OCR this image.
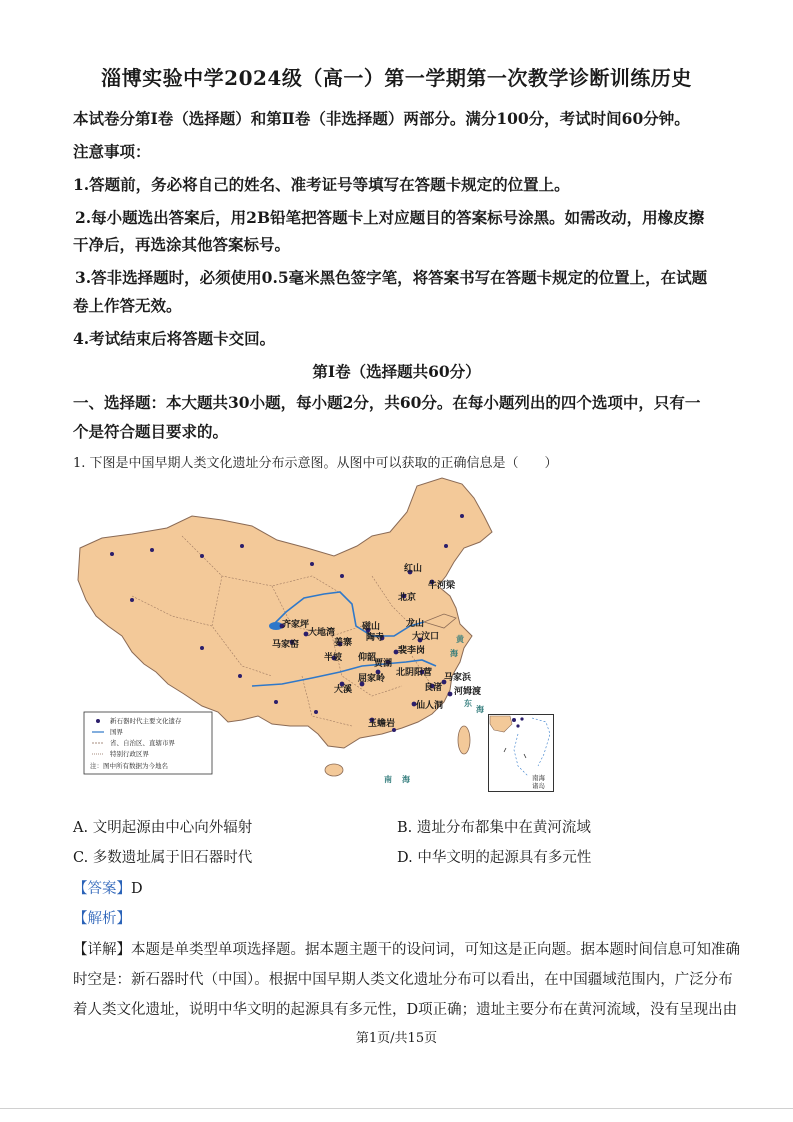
淄博实验中学2024级（高一）第一学期第一次教学诊断训练历史
本试卷分第Ⅰ卷（选择题）和第Ⅱ卷（非选择题）两部分。满分100分，考试时间60分钟。
注意事项：
1.答题前，务必将自己的姓名、准考证号等填写在答题卡规定的位置上。
2.每小题选出答案后，用2B铅笔把答题卡上对应题目的答案标号涂黑。如需改动，用橡皮擦
干净后，再选涂其他答案标号。
3.答非选择题时，必须使用0.5毫米黑色签字笔，将答案书写在答题卡规定的位置上，在试题
卷上作答无效。
4.考试结束后将答题卡交回。
第Ⅰ卷（选择题共60分）
一、选择题：本大题共30小题，每小题2分，共60分。在每小题列出的四个选项中，只有一
个是符合题目要求的。
1. 下图是中国早期人类文化遗址分布示意图。从图中可以获取的正确信息是（　　）
红山
牛河梁
北京
齐家坪
大地湾
马家窑	姜寨
半坡
磁山
陶寺
仰韶
龙山
大汶口
裴李岗
贾湖
北阴阳营
屈家岭
良渚
马家浜
河姆渡
大溪
仙人洞
玉蟾岩
黄
海
东
海
南 海
新石器时代主要文化遗存
国界
省、自治区、直辖市界
特别行政区界
注：图中所有数据为今地名
南海
诸岛
A. 文明起源由中心向外辐射	B. 遗址分布都集中在黄河流域
C. 多数遗址属于旧石器时代	D. 中华文明的起源具有多元性
【答案】D
【解析】
【详解】本题是单类型单项选择题。据本题主题干的设问词，可知这是正向题。据本题时间信息可知准确
时空是：新石器时代（中国）。根据中国早期人类文化遗址分布可以看出，在中国疆域范围内，广泛分布
着人类文化遗址，说明中华文明的起源具有多元性，D项正确；遗址主要分布在黄河流域，没有呈现出由
第1页/共15页
